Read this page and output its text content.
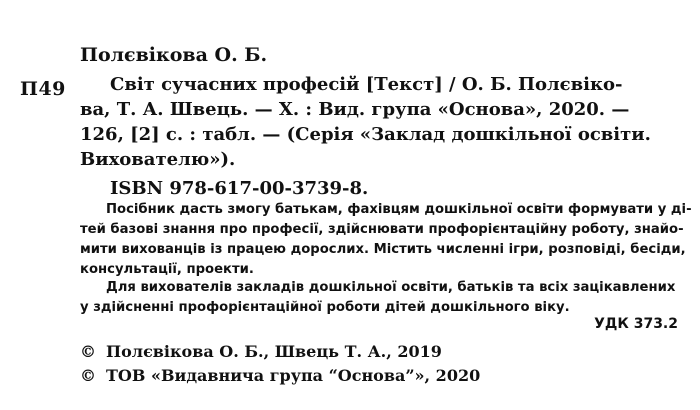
П49
Полєвікова О. Б.
Світ сучасних професій [Текст] / О. Б. Полєвіко-
ва, Т. А. Швець. — Х. : Вид. група «Основа», 2020. —
126, [2] с. : табл. — (Серія «Заклад дошкільної освіти.
Вихователю»).
ISBN 978-617-00-3739-8.
Посібник дасть змогу батькам, фахівцям дошкільної освіти формувати у ді-
тей базові знання про професії, здійснювати профорієнтаційну роботу, знайо-
мити вихованців із працею дорослих. Містить численні ігри, розповіді, бесіди,
консультації, проекти.
Для вихователів закладів дошкільної освіти, батьків та всіх зацікавлених
у здійсненні профорієнтаційної роботи дітей дошкільного віку.
УДК 373.2
© Полєвікова О. Б., Швець Т. А., 2019
© ТОВ «Видавнича група “Основа”», 2020
